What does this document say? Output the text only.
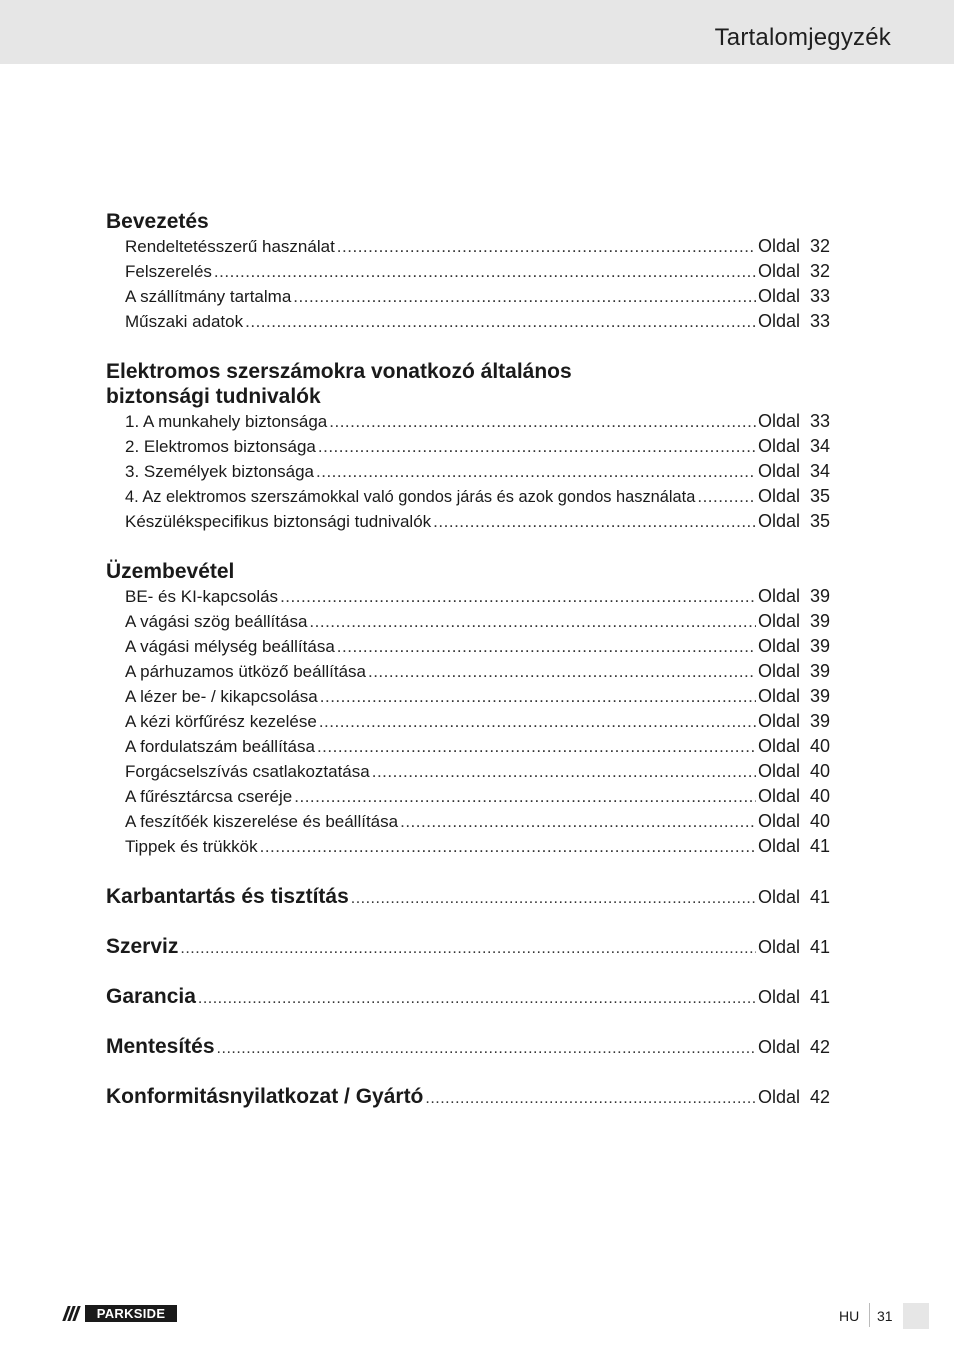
Tartalomjegyzék
Bevezetés
Rendeltetésszerű használat .....	Oldal 32
Felszerelés .....	Oldal 32
A szállítmány tartalma .....	Oldal 33
Műszaki adatok .....	Oldal 33
Elektromos szerszámokra vonatkozó általános
biztonsági tudnivalók
1. A munkahely biztonsága .....	Oldal 33
2. Elektromos biztonsága .....	Oldal 34
3. Személyek biztonsága .....	Oldal 34
4. Az elektromos szerszámokkal való gondos járás és azok gondos használata .....	Oldal 35
Készülékspecifikus biztonsági tudnivalók .....	Oldal 35
Üzembevétel
BE- és KI-kapcsolás .....	Oldal 39
A vágási szög beállítása .....	Oldal 39
A vágási mélység beállítása .....	Oldal 39
A párhuzamos ütköző beállítása .....	Oldal 39
A lézer be- / kikapcsolása .....	Oldal 39
A kézi körfűrész kezelése .....	Oldal 39
A fordulatszám beállítása .....	Oldal 40
Forgácselszívás csatlakoztatása .....	Oldal 40
A fűrésztárcsa cseréje .....	Oldal 40
A feszítőék kiszerelése és beállítása .....	Oldal 40
Tippek és trükkök .....	Oldal 41
Karbantartás és tisztítás .....	Oldal 41
Szerviz .....	Oldal 41
Garancia .....	Oldal 41
Mentesítés .....	Oldal 42
Konformitásnyilatkozat / Gyártó .....	Oldal 42
PARKSIDE	HU 31
